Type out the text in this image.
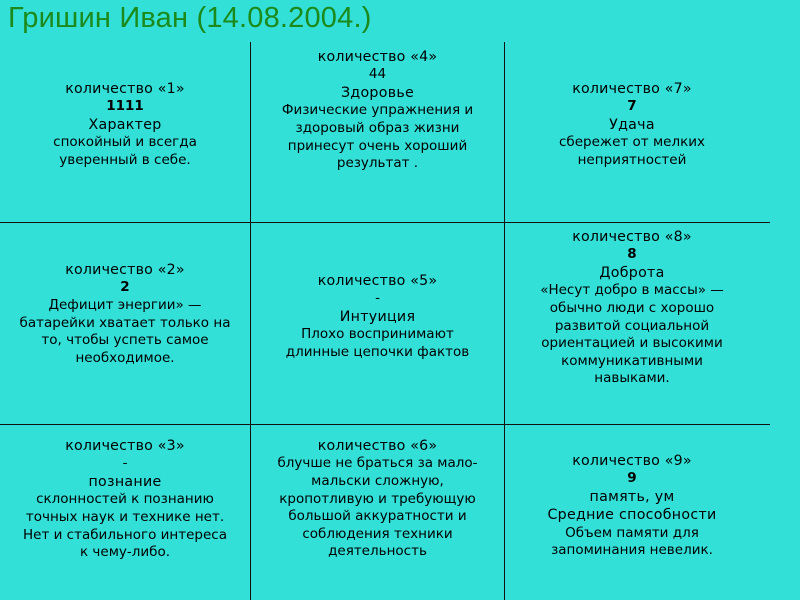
Гришин Иван (14.08.2004.)
количество «1»
1111
Характер
спокойный и всегда
уверенный в себе.
количество «4»
44
Здоровье
Физические упражнения и
здоровый образ жизни
принесут очень хороший
результат .
количество «7»
7
Удача
сбережет от мелких
неприятностей
количество «2»
2
Дефицит энергии» —
батарейки хватает только на
то, чтобы успеть самое
необходимое.
количество «5»
-
Интуиция
Плохо воспринимают
длинные цепочки фактов
количество «8»
8
Доброта
«Несут добро в массы» —
обычно люди с хорошо
развитой социальной
ориентацией и высокими
коммуникативными
навыками.
количество «3»
-
познание
склонностей к познанию
точных наук и технике нет.
Нет и стабильного интереса
к чему-либо.
количество «6»
блучше не браться за мало-
мальски сложную,
кропотливую и требующую
большой аккуратности и
соблюдения техники
деятельность
количество «9»
9
память, ум
Средние способности
Объем памяти для
запоминания невелик.
